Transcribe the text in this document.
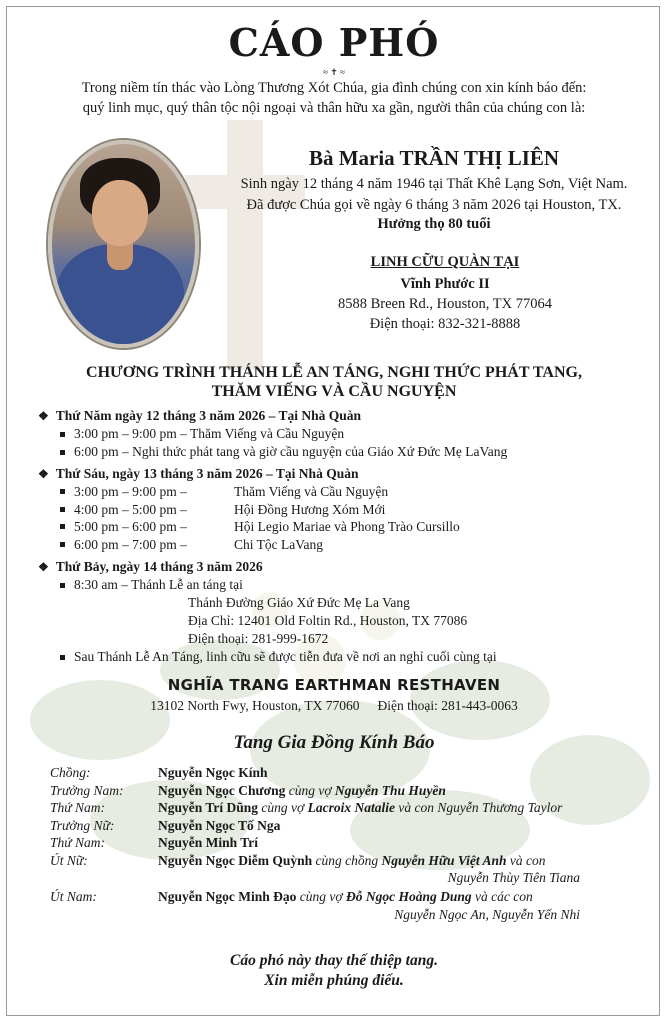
CÁO PHÓ
≈ ✝ ≈
Trong niềm tín thác vào Lòng Thương Xót Chúa, gia đình chúng con xin kính báo đến:
quý linh mục, quý thân tộc nội ngoại và thân hữu xa gần, người thân của chúng con là:
Bà Maria TRẦN THỊ LIÊN
Sinh ngày 12 tháng 4 năm 1946 tại Thất Khê Lạng Sơn, Việt Nam.
Đã được Chúa gọi về ngày 6 tháng 3 năm 2026 tại Houston, TX.
Hưởng thọ 80 tuổi
LINH CỮU QUÀN TẠI
Vĩnh Phước II
8588 Breen Rd., Houston, TX 77064
Điện thoại: 832-321-8888
CHƯƠNG TRÌNH THÁNH LỄ AN TÁNG, NGHI THỨC PHÁT TANG,
THĂM VIẾNG VÀ CẦU NGUYỆN
❖ Thứ Năm ngày 12 tháng 3 năm 2026 – Tại Nhà Quàn
3:00 pm – 9:00 pm – Thăm Viếng và Cầu Nguyện
6:00 pm – Nghi thức phát tang và giờ cầu nguyện của Giáo Xứ Đức Mẹ LaVang
❖ Thứ Sáu, ngày 13 tháng 3 năm 2026 – Tại Nhà Quàn
3:00 pm – 9:00 pm –	Thăm Viếng và Cầu Nguyện
4:00 pm – 5:00 pm –	Hội Đồng Hương Xóm Mới
5:00 pm – 6:00 pm –	Hội Legio Mariae và Phong Trào Cursillo
6:00 pm – 7:00 pm –	Chi Tộc LaVang
❖ Thứ Bảy, ngày 14 tháng 3 năm 2026
8:30 am – Thánh Lễ an táng tại
Thánh Đường Giáo Xứ Đức Mẹ La Vang
Địa Chỉ: 12401 Old Foltin Rd., Houston, TX 77086
Điện thoại: 281-999-1672
Sau Thánh Lễ An Táng, linh cữu sẽ được tiễn đưa về nơi an nghỉ cuối cùng tại
NGHĨA TRANG EARTHMAN RESTHAVEN
13102 North Fwy, Houston, TX 77060 Điện thoại: 281-443-0063
Tang Gia Đồng Kính Báo
Chồng:	Nguyễn Ngọc Kính
Trưởng Nam:	Nguyễn Ngọc Chương cùng vợ Nguyễn Thu Huyền
Thứ Nam:	Nguyễn Trí Dũng cùng vợ Lacroix Natalie và con Nguyễn Thương Taylor
Trưởng Nữ:	Nguyễn Ngọc Tố Nga
Thứ Nam:	Nguyễn Minh Trí
Út Nữ:	Nguyễn Ngọc Diễm Quỳnh cùng chồng Nguyễn Hữu Việt Anh và con
Nguyễn Thùy Tiên Tiana
Út Nam:	Nguyễn Ngọc Minh Đạo cùng vợ Đỗ Ngọc Hoàng Dung và các con
Nguyễn Ngọc An, Nguyễn Yến Nhi
Cáo phó này thay thế thiệp tang.
Xin miễn phúng điếu.
